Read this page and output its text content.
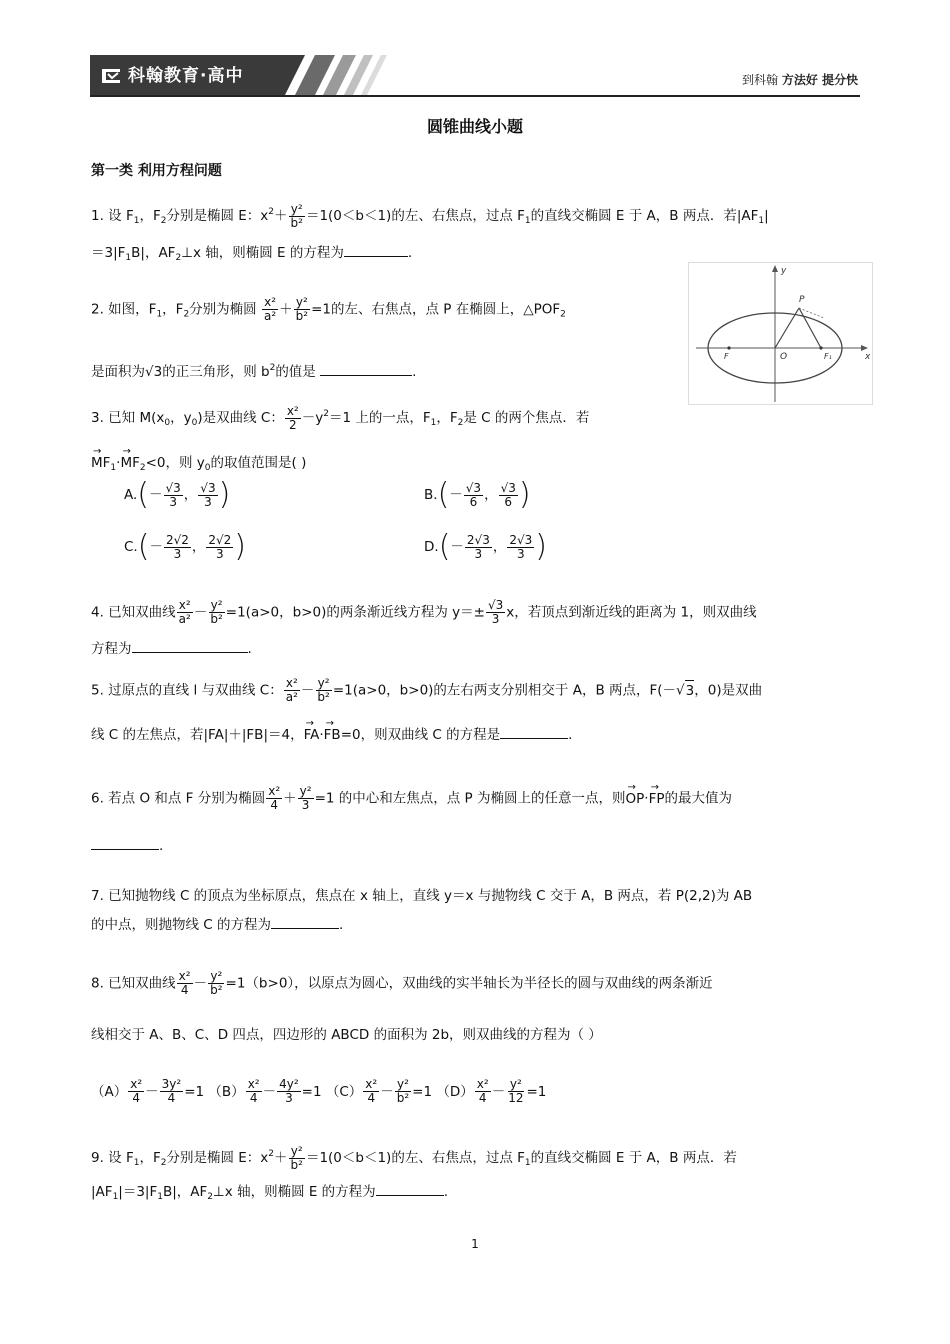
科翰教育·高中	到科翰 方法好 提分快
圆锥曲线小题
第一类 利用方程问题
1. 设 $F_1$，$F_2$分别是椭圆 E：$x^2+ \frac{\text{y²}}{\text{b²}} =1(0<b<1)$的左、右焦点，过点 $F_1$的直线交椭圆 E 于 A，B 两点．若$|AF_1|$
$=3|F_1B|$，$AF_2\perp x$ 轴，则椭圆 E 的方程为	.
y
x
P
O
F	F₁
2. 如图，$F_1$，$F_2$分别为椭圆 $\frac{\text{x²}}{\text{a²}} + \frac{\text{y²}}{\text{b²}} =1$的左、右焦点，点 P 在椭圆上，$\triangle POF_2$
是面积为√3的正三角形，则 $b^2$的值是	.
3. 已知 $M(x_0$，$y_0$)是双曲线 C： $\frac{\text{x²}}{2} -y^2=1$ 上的一点，$F_1$，$F_2$是 C 的两个焦点．若
→ $MF_1\cdot\to MF_2<0$，则 $y_0$的取值范围是( )
$A.(- \frac{√3}{3}$ ， $\frac{√3}{3}$ )	$B.(- \frac{√3}{6}$ ， $\frac{√3}{6}$ )
$C.(- \frac{2√2}{3}$ ， $\frac{2√2}{3}$ )	$D.(- \frac{2√3}{3}$ ， $\frac{2√3}{3}$ )
4. 已知双曲线 $\frac{\text{x²}}{\text{a²}} - \frac{\text{y²}}{\text{b²}} =1(a>0$，b>0)的两条渐近线方程为 $y=\pm \frac{√3}{3}$ x，若顶点到渐近线的距离为 1，则双曲线
方程为	.
5. 过原点的直线 l 与双曲线 C： $\frac{\text{x²}}{\text{a²}} - \frac{\text{y²}}{\text{b²}} =1(a>0$，b>0)的左右两支分别相交于 A，B 两点，F(－√3，0)是双曲
线 C 的左焦点，若|FA|＋|FB|＝4，→ FA·→ FB=0，则双曲线 C 的方程是	.
6. 若点 O 和点 F 分别为椭圆 $\frac{\text{x²}}{4} + \frac{\text{y²}}{3} =1$ 的中心和左焦点，点 P 为椭圆上的任意一点，则→ OP·→ FP的最大值为
.
7. 已知抛物线 C 的顶点为坐标原点，焦点在 x 轴上，直线 y＝x 与抛物线 C 交于 A，B 两点，若 P(2,2)为 AB
的中点，则抛物线 C 的方程为	.
8. 已知双曲线 $\frac{\text{x²}}{4} - \frac{\text{y²}}{\text{b²}} =1(b>0)$，以原点为圆心，双曲线的实半轴长为半径长的圆与双曲线的两条渐近
线相交于 A、B、C、D 四点，四边形的 ABCD 的面积为 2b，则双曲线的方程为（ ）
$(A) \frac{\text{x²}}{4} - \frac{\text{3y²}}{4} =1$ $(B) \frac{\text{x²}}{4} - \frac{\text{4y²}}{3} =1$ $(C) \frac{\text{x²}}{4} - \frac{\text{y²}}{\text{b²}} =1$ $(D) \frac{\text{x²}}{4} - \frac{\text{y²}}{12} =1$
9. 设 $F_1$，$F_2$分别是椭圆 E：$x^2+ \frac{\text{y²}}{\text{b²}} =1(0<b<1)$的左、右焦点，过点 $F_1$的直线交椭圆 E 于 A，B 两点．若
$|AF_1|=3|F_1B|$，$AF_2\perp x$ 轴，则椭圆 E 的方程为	.
1
